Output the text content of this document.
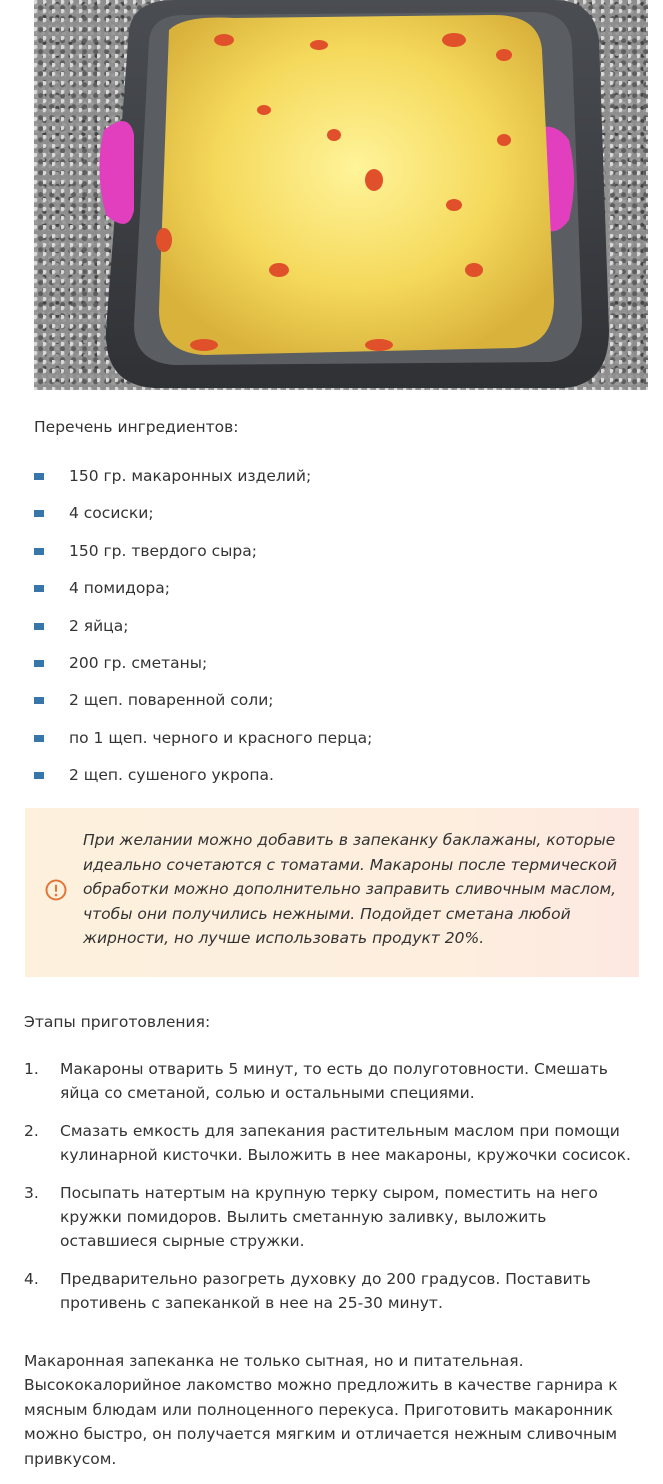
Перечень ингредиентов:
150 гр. макаронных изделий;
4 сосиски;
150 гр. твердого сыра;
4 помидора;
2 яйца;
200 гр. сметаны;
2 щеп. поваренной соли;
по 1 щеп. черного и красного перца;
2 щеп. сушеного укропа.
При желании можно добавить в запеканку баклажаны, которые идеально сочетаются с томатами. Макароны после термической обработки можно дополнительно заправить сливочным маслом, чтобы они получились нежными. Подойдет сметана любой жирности, но лучше использовать продукт 20%.
Этапы приготовления:
1. Макароны отварить 5 минут, то есть до полуготовности. Смешать яйца со сметаной, солью и остальными специями.
2. Смазать емкость для запекания растительным маслом при помощи кулинарной кисточки. Выложить в нее макароны, кружочки сосисок.
3. Посыпать натертым на крупную терку сыром, поместить на него кружки помидоров. Вылить сметанную заливку, выложить оставшиеся сырные стружки.
4. Предварительно разогреть духовку до 200 градусов. Поставить противень с запеканкой в нее на 25-30 минут.
Макаронная запеканка не только сытная, но и питательная. Высококалорийное лакомство можно предложить в качестве гарнира к мясным блюдам или полноценного перекуса. Приготовить макаронник можно быстро, он получается мягким и отличается нежным сливочным привкусом.
